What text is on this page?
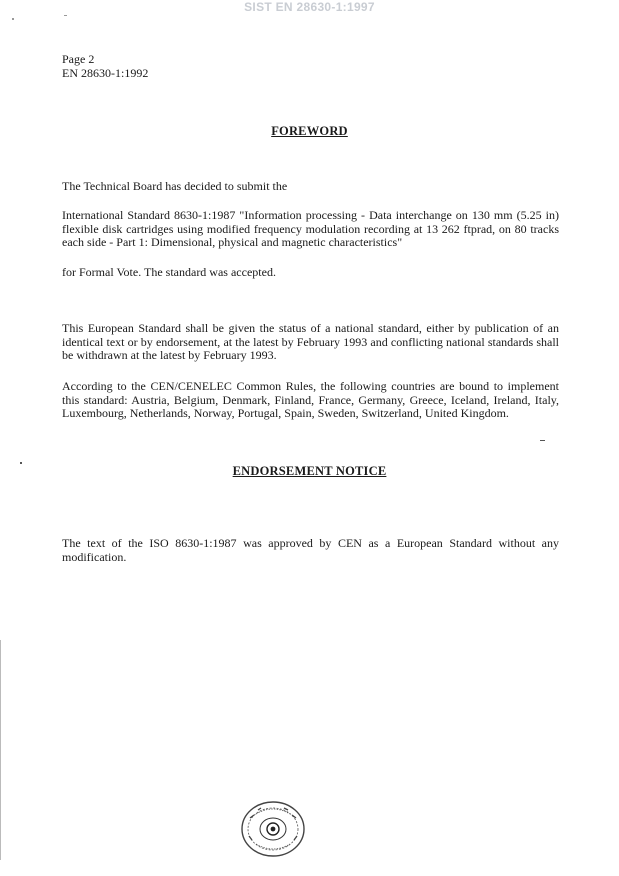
SIST EN 28630-1:1997
Page 2
EN 28630-1:1992
FOREWORD
The Technical Board has decided to submit the
International Standard 8630-1:1987 "Information processing - Data interchange on 130 mm (5.25 in) flexible disk cartridges using modified frequency modulation recording at 13 262 ftprad, on 80 tracks each side - Part 1: Dimensional, physical and magnetic characteristics"
for Formal Vote. The standard was accepted.
This European Standard shall be given the status of a national standard, either by publication of an identical text or by endorsement, at the latest by February 1993 and conflicting national standards shall be withdrawn at the latest by February 1993.
According to the CEN/CENELEC Common Rules, the following countries are bound to implement this standard: Austria, Belgium, Denmark, Finland, France, Germany, Greece, Iceland, Ireland, Italy, Luxembourg, Netherlands, Norway, Portugal, Spain, Sweden, Switzerland, United Kingdom.
ENDORSEMENT NOTICE
The text of the ISO 8630-1:1987 was approved by CEN as a European Standard without any modification.
